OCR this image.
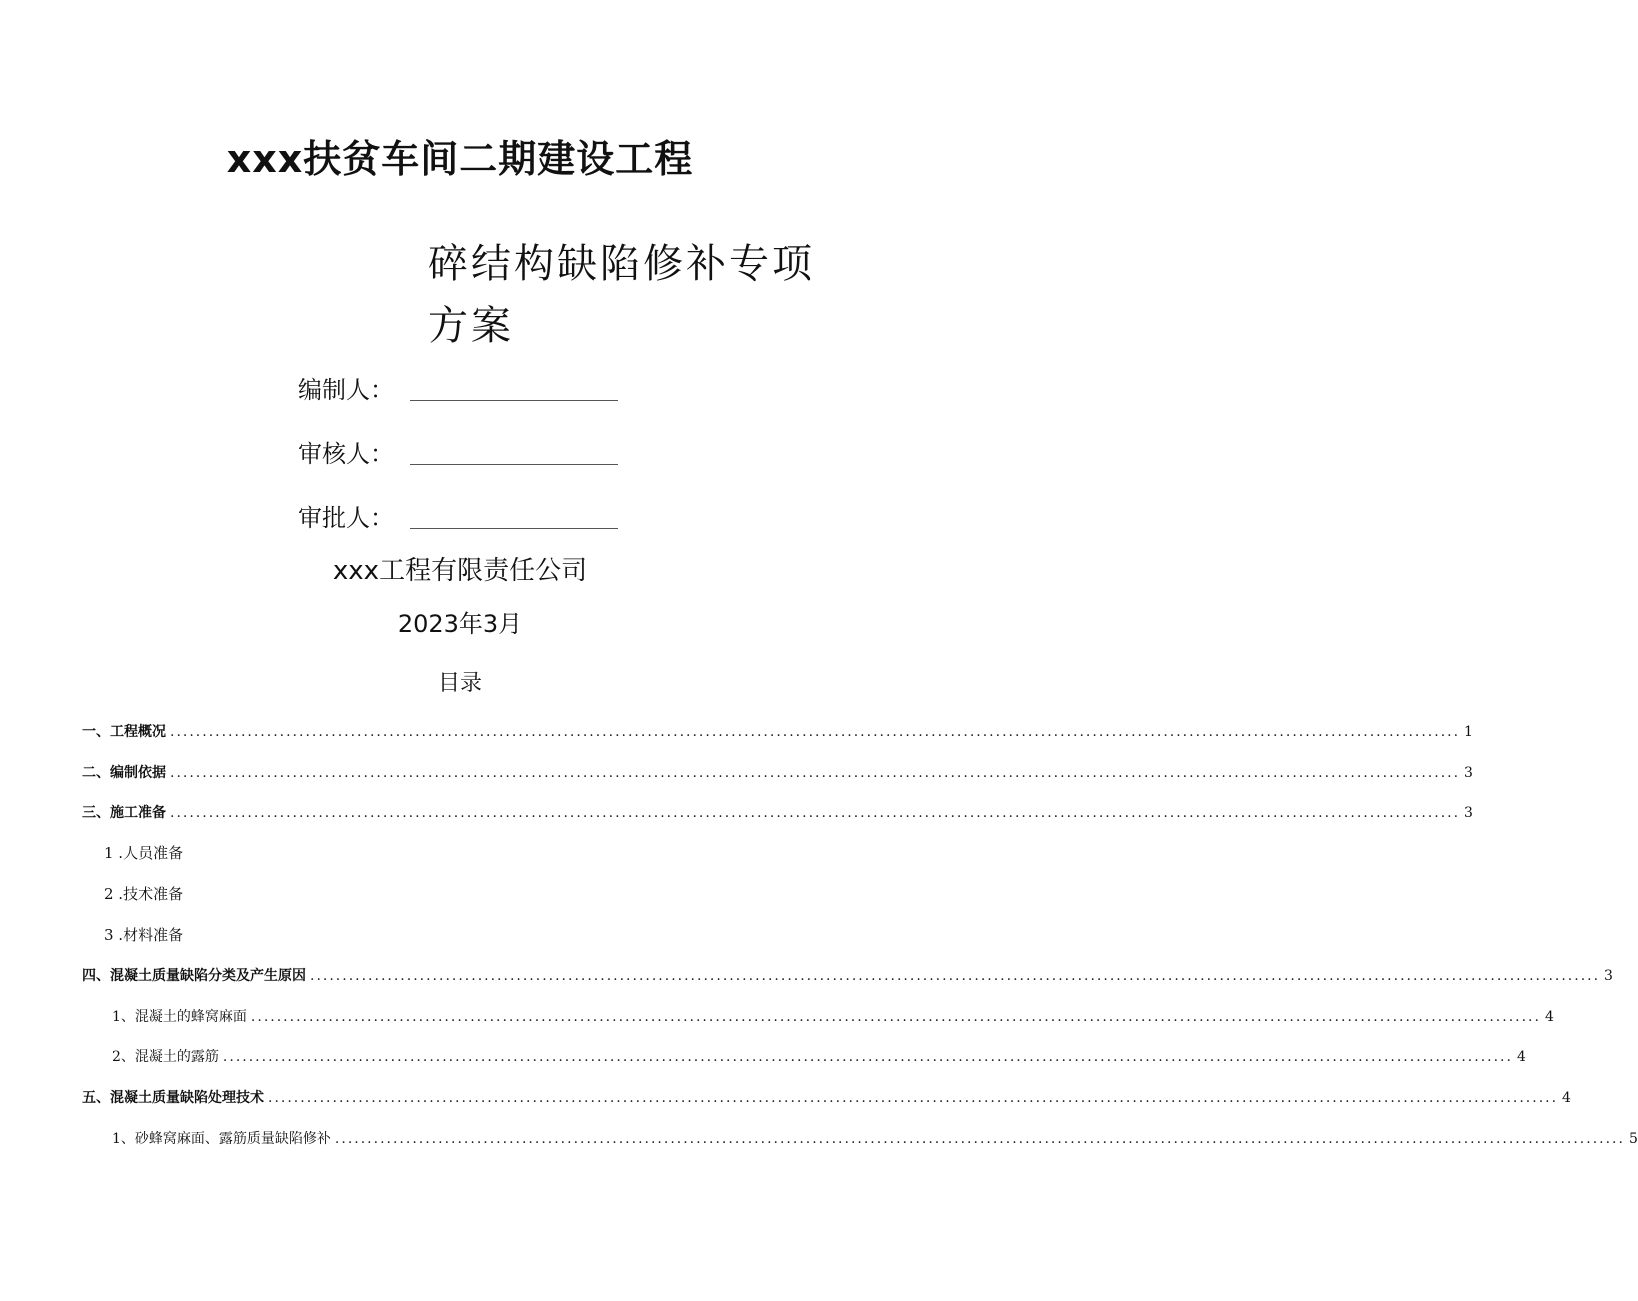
xxx扶贫车间二期建设工程
碎结构缺陷修补专项
方案
编制人：
审核人：
审批人：
xxx工程有限责任公司
2023年3月
目录
一、工程概况 ........................................................................................................................................................................................................ 1
二、编制依据 ........................................................................................................................................................................................................ 3
三、施工准备 ........................................................................................................................................................................................................ 3
1 .人员准备
2 .技术准备
3 .材料准备
四、混凝土质量缺陷分类及产生原因 ........................................................................................................................................................................................................ 3
1、混凝土的蜂窝麻面 ........................................................................................................................................................................................................ 4
2、混凝土的露筋 ........................................................................................................................................................................................................ 4
五、混凝土质量缺陷处理技术 ........................................................................................................................................................................................................ 4
1、砂蜂窝麻面、露筋质量缺陷修补 ........................................................................................................................................................................................................ 5
